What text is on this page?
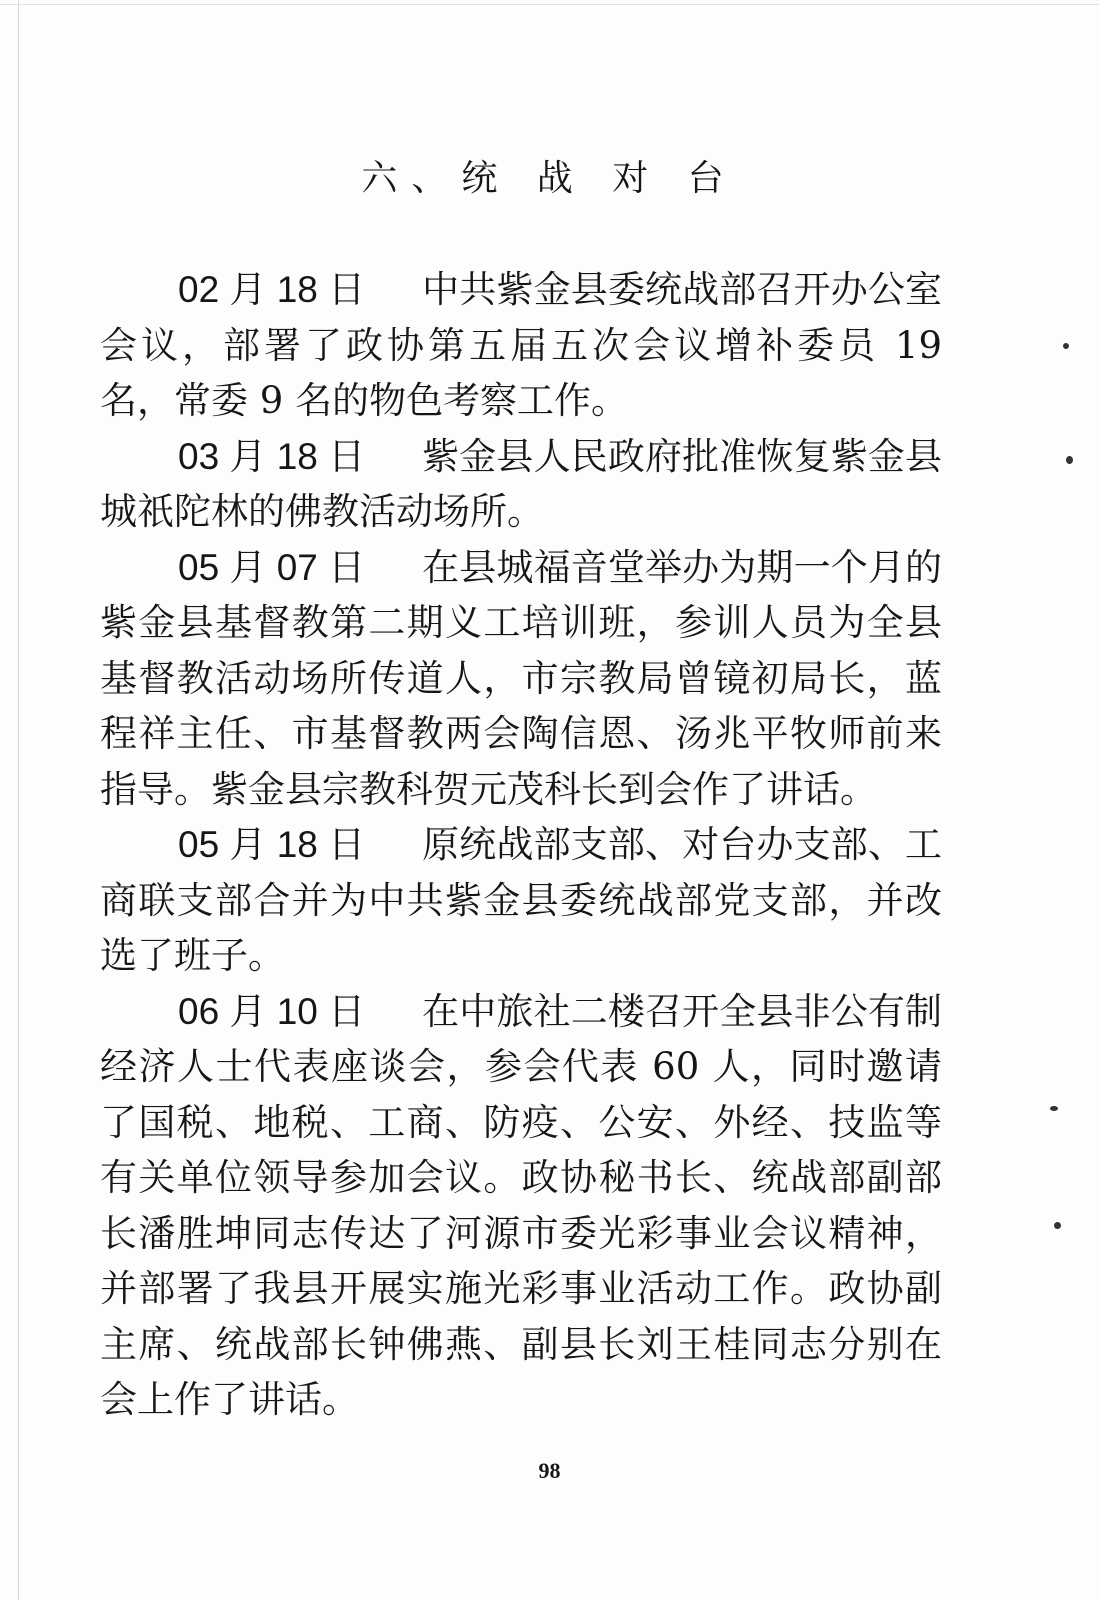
六、统 战 对 台

02 月 18 日 中共紫金县委统战部召开办公室会议，部署了政协第五届五次会议增补委员 19 名，常委 9 名的物色考察工作。

03 月 18 日 紫金县人民政府批准恢复紫金县城祇陀林的佛教活动场所。

05 月 07 日 在县城福音堂举办为期一个月的紫金县基督教第二期义工培训班，参训人员为全县基督教活动场所传道人，市宗教局曾镜初局长，蓝程祥主任、市基督教两会陶信恩、汤兆平牧师前来指导。紫金县宗教科贺元茂科长到会作了讲话。

05 月 18 日 原统战部支部、对台办支部、工商联支部合并为中共紫金县委统战部党支部，并改选了班子。

06 月 10 日 在中旅社二楼召开全县非公有制经济人士代表座谈会，参会代表 60 人，同时邀请了国税、地税、工商、防疫、公安、外经、技监等有关单位领导参加会议。政协秘书长、统战部副部长潘胜坤同志传达了河源市委光彩事业会议精神，并部署了我县开展实施光彩事业活动工作。政协副主席、统战部长钟佛燕、副县长刘王桂同志分别在会上作了讲话。

98
